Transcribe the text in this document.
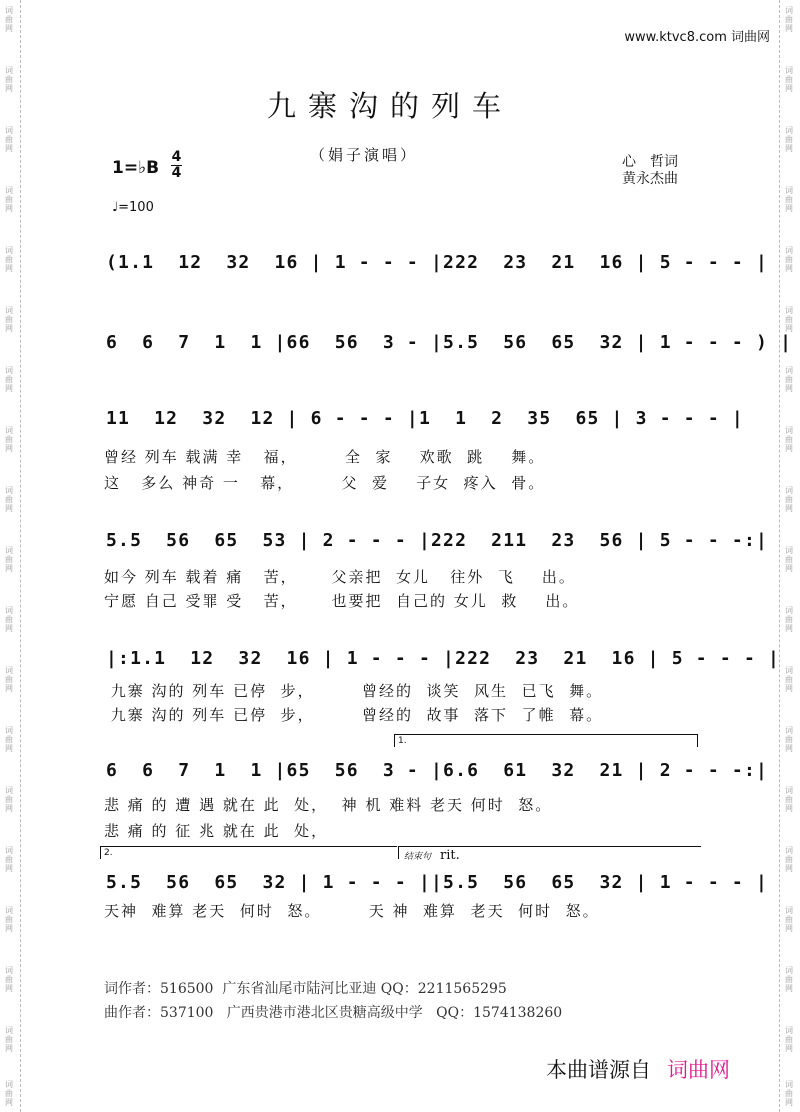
词曲网
词曲网
词曲网
词曲网
词曲网
词曲网
词曲网
词曲网
词曲网
词曲网
词曲网
词曲网
词曲网
词曲网
词曲网
词曲网
词曲网
词曲网
词曲网
词曲网
词曲网
词曲网
词曲网
词曲网
词曲网
词曲网
词曲网
词曲网
词曲网
词曲网
词曲网
词曲网
词曲网
词曲网
词曲网
词曲网
词曲网
词曲网
www.ktvc8.com 词曲网
九寨沟的列车
（娟子演唱）	心　哲词
黄永杰曲
1=♭B
4
4
♩=100
(1.1  12  32  16 | 1 - - - |222  23  21  16 | 5 - - - |
6  6  7  1  1 |66  56  3 - |5.5  56  65  32 | 1 - - - ) |
11  12  32  12 | 6 - - - |1  1  2  35  65 | 3 - - - |
曾经 列车 载满 幸   福，       全  家    欢歌  跳    舞。
这   多么 神奇 一   幕，       父  爱    子女  疼入  骨。
5.5  56  65  53 | 2 - - - |222  211  23  56 | 5 - - -:|
如今 列车 载着 痛   苦，     父亲把  女儿   往外  飞    出。
宁愿 自己 受罪 受   苦，     也要把  自己的 女儿  救    出。
|:1.1  12  32  16 | 1 - - - |222  23  21  16 | 5 - - - |
九寨 沟的 列车 已停  步，       曾经的  谈笑  风生  已飞  舞。
九寨 沟的 列车 已停  步，       曾经的  故事  落下  了帷  幕。
1.
6  6  7  1  1 |65  56  3 - |6.6  61  32  21 | 2 - - -:|
悲 痛 的 遭 遇 就在 此  处，  神 机 难料 老天 何时  怒。
悲 痛 的 征 兆 就在 此  处，
2.	结束句 rit.
5.5  56  65  32 | 1 - - - ||5.5  56  65  32 | 1 - - - |
天神  难算 老天  何时  怒。       天 神  难算  老天  何时  怒。
词作者：516500  广东省汕尾市陆河比亚迪 QQ：2211565295
曲作者：537100   广西贵港市港北区贵糖高级中学   QQ：1574138260
本曲谱源自 词曲网
